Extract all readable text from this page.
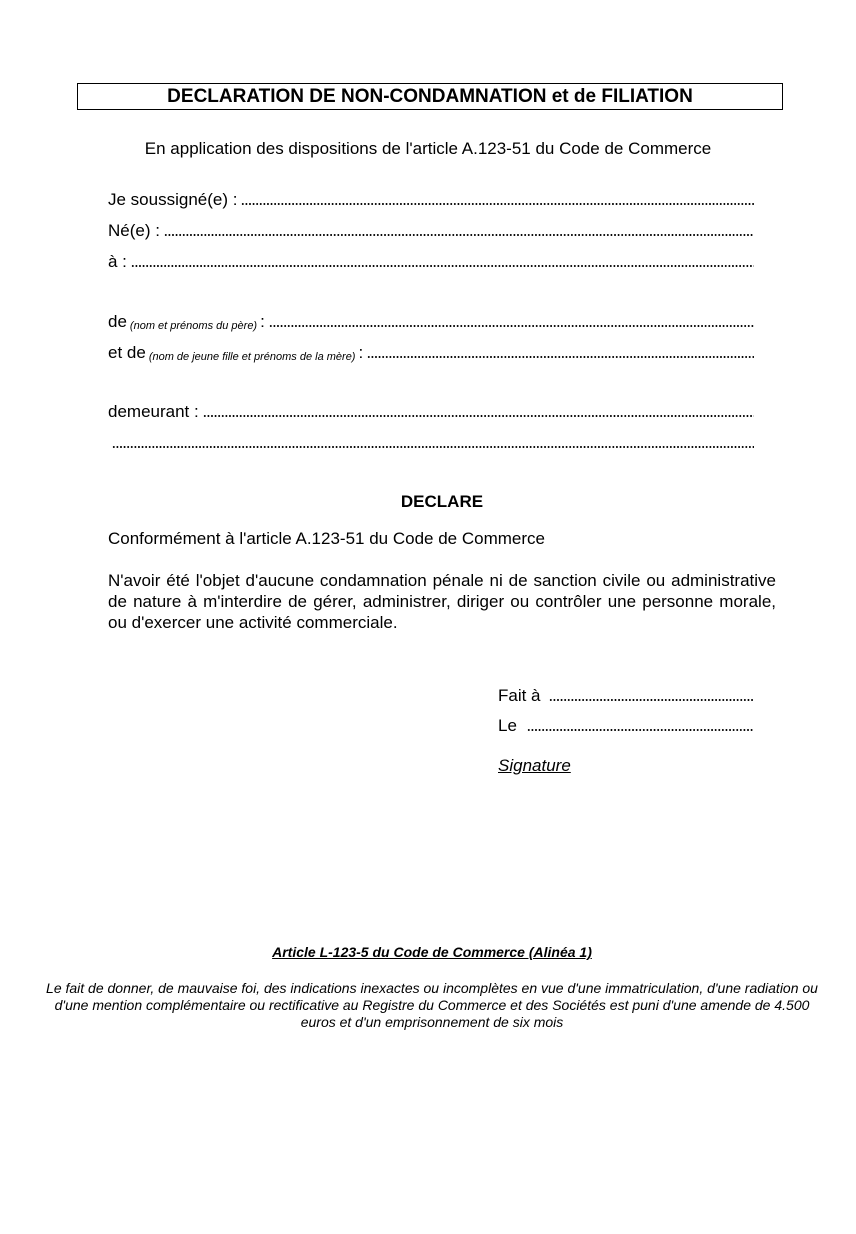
DECLARATION DE NON-CONDAMNATION et de FILIATION
En application des dispositions de l'article A.123-51 du Code de Commerce
Je soussigné(e) :
Né(e) :
à :
de (nom et prénoms du père) :
et de (nom de jeune fille et prénoms de la mère) :
demeurant :
DECLARE
Conformément à l'article A.123-51 du Code de Commerce
N'avoir été l'objet d'aucune condamnation pénale ni de sanction civile ou administrative de nature à m'interdire de gérer, administrer, diriger ou contrôler une personne morale, ou d'exercer une activité commerciale.
Fait à
Le
Signature
Article L-123-5 du Code de Commerce (Alinéa 1)
Le fait de donner, de mauvaise foi, des indications inexactes ou incomplètes en vue d'une immatriculation, d'une radiation ou d'une mention complémentaire ou rectificative au Registre du Commerce et des Sociétés est puni d'une amende de 4.500 euros et d'un emprisonnement de six mois
